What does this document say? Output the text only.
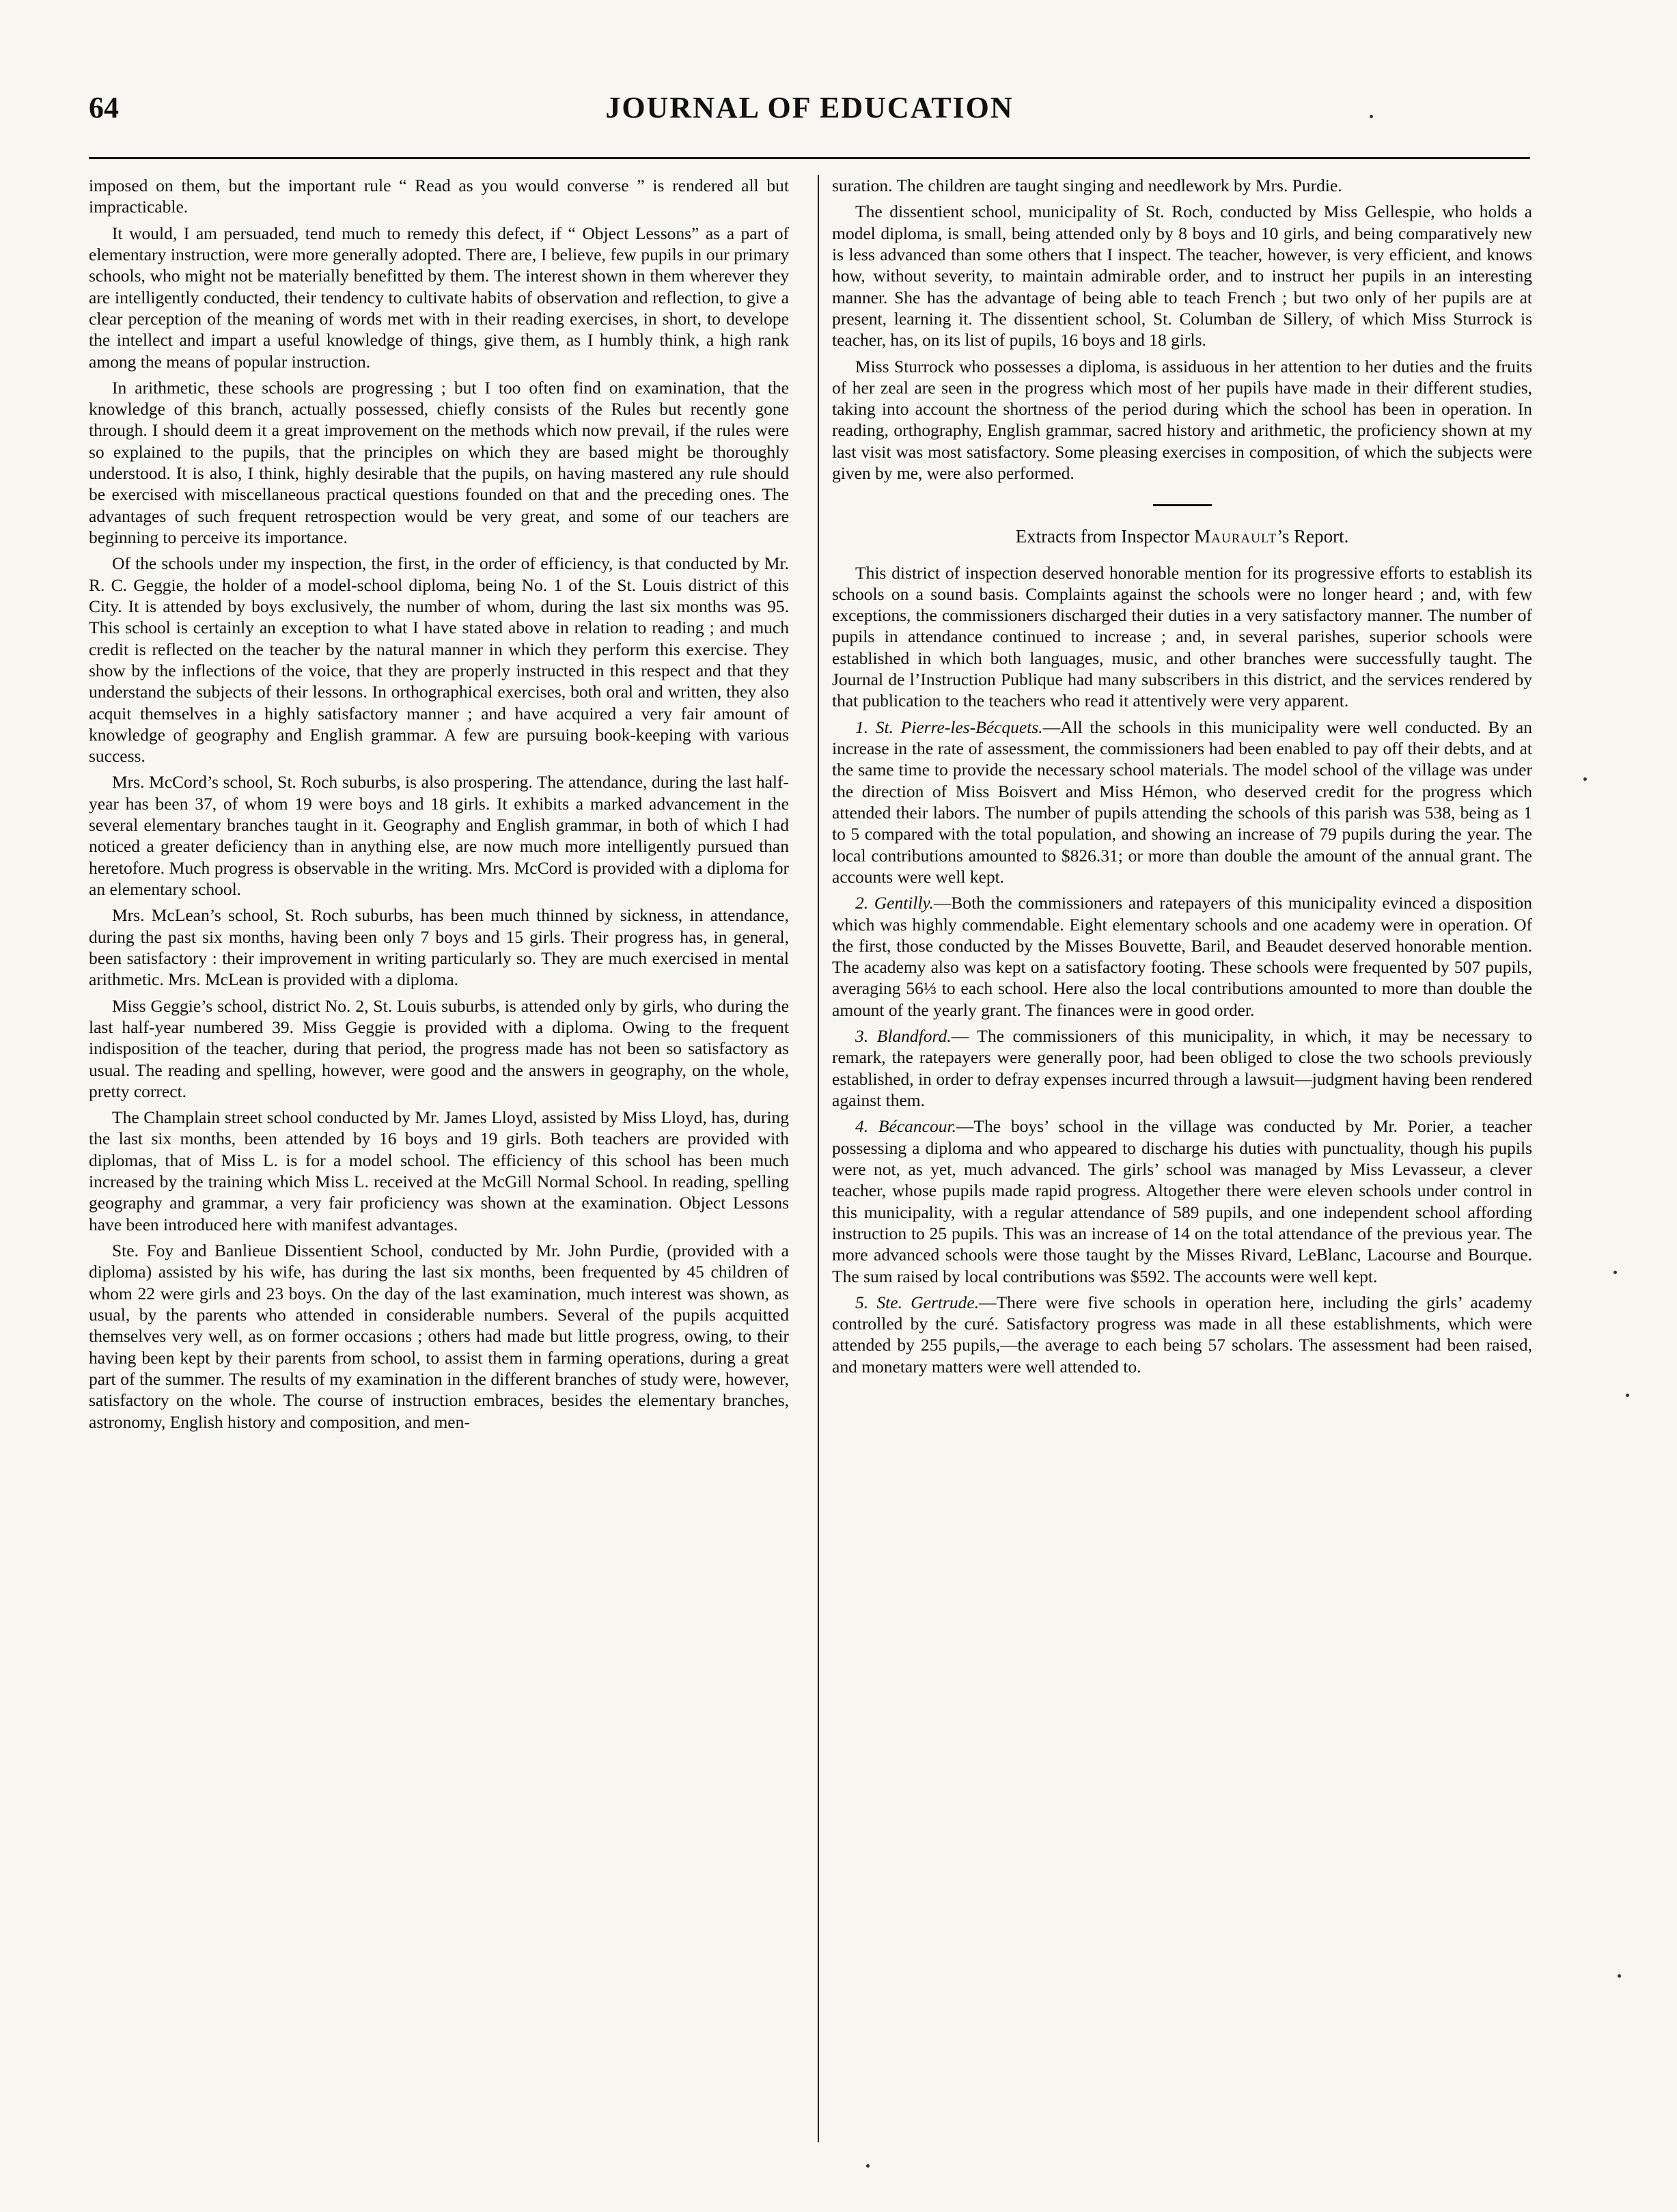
64	JOURNAL OF EDUCATION

imposed on them, but the important rule “ Read as you would converse ” is rendered all but impracticable.

It would, I am persuaded, tend much to remedy this defect, if “ Object Lessons” as a part of elementary instruction, were more generally adopted. There are, I believe, few pupils in our primary schools, who might not be materially benefitted by them. The interest shown in them wherever they are intelligently conducted, their tendency to cultivate habits of observation and reflection, to give a clear perception of the meaning of words met with in their reading exercises, in short, to develope the intellect and impart a useful knowledge of things, give them, as I humbly think, a high rank among the means of popular instruction.

In arithmetic, these schools are progressing ; but I too often find on examination, that the knowledge of this branch, actually possessed, chiefly consists of the Rules but recently gone through. I should deem it a great improvement on the methods which now prevail, if the rules were so explained to the pupils, that the principles on which they are based might be thoroughly understood. It is also, I think, highly desirable that the pupils, on having mastered any rule should be exercised with miscellaneous practical questions founded on that and the preceding ones. The advantages of such frequent retrospection would be very great, and some of our teachers are beginning to perceive its importance.

Of the schools under my inspection, the first, in the order of efficiency, is that conducted by Mr. R. C. Geggie, the holder of a model-school diploma, being No. 1 of the St. Louis district of this City. It is attended by boys exclusively, the number of whom, during the last six months was 95. This school is certainly an exception to what I have stated above in relation to reading ; and much credit is reflected on the teacher by the natural manner in which they perform this exercise. They show by the inflections of the voice, that they are properly instructed in this respect and that they understand the subjects of their lessons. In orthographical exercises, both oral and written, they also acquit themselves in a highly satisfactory manner ; and have acquired a very fair amount of knowledge of geography and English grammar. A few are pursuing book-keeping with various success.

Mrs. McCord’s school, St. Roch suburbs, is also prospering. The attendance, during the last half-year has been 37, of whom 19 were boys and 18 girls. It exhibits a marked advancement in the several elementary branches taught in it. Geography and English grammar, in both of which I had noticed a greater deficiency than in anything else, are now much more intelligently pursued than heretofore. Much progress is observable in the writing. Mrs. McCord is provided with a diploma for an elementary school.

Mrs. McLean’s school, St. Roch suburbs, has been much thinned by sickness, in attendance, during the past six months, having been only 7 boys and 15 girls. Their progress has, in general, been satisfactory : their improvement in writing particularly so. They are much exercised in mental arithmetic. Mrs. McLean is provided with a diploma.

Miss Geggie’s school, district No. 2, St. Louis suburbs, is attended only by girls, who during the last half-year numbered 39. Miss Geggie is provided with a diploma. Owing to the frequent indisposition of the teacher, during that period, the progress made has not been so satisfactory as usual. The reading and spelling, however, were good and the answers in geography, on the whole, pretty correct.

The Champlain street school conducted by Mr. James Lloyd, assisted by Miss Lloyd, has, during the last six months, been attended by 16 boys and 19 girls. Both teachers are provided with diplomas, that of Miss L. is for a model school. The efficiency of this school has been much increased by the training which Miss L. received at the McGill Normal School. In reading, spelling geography and grammar, a very fair proficiency was shown at the examination. Object Lessons have been introduced here with manifest advantages.

Ste. Foy and Banlieue Dissentient School, conducted by Mr. John Purdie, (provided with a diploma) assisted by his wife, has during the last six months, been frequented by 45 children of whom 22 were girls and 23 boys. On the day of the last examination, much interest was shown, as usual, by the parents who attended in considerable numbers. Several of the pupils acquitted themselves very well, as on former occasions ; others had made but little progress, owing, to their having been kept by their parents from school, to assist them in farming operations, during a great part of the summer. The results of my examination in the different branches of study were, however, satisfactory on the whole. The course of instruction embraces, besides the elementary branches, astronomy, English history and composition, and men-

suration. The children are taught singing and needlework by Mrs. Purdie.

The dissentient school, municipality of St. Roch, conducted by Miss Gellespie, who holds a model diploma, is small, being attended only by 8 boys and 10 girls, and being comparatively new is less advanced than some others that I inspect. The teacher, however, is very efficient, and knows how, without severity, to maintain admirable order, and to instruct her pupils in an interesting manner. She has the advantage of being able to teach French ; but two only of her pupils are at present, learning it. The dissentient school, St. Columban de Sillery, of which Miss Sturrock is teacher, has, on its list of pupils, 16 boys and 18 girls.

Miss Sturrock who possesses a diploma, is assiduous in her attention to her duties and the fruits of her zeal are seen in the progress which most of her pupils have made in their different studies, taking into account the shortness of the period during which the school has been in operation. In reading, orthography, English grammar, sacred history and arithmetic, the proficiency shown at my last visit was most satisfactory. Some pleasing exercises in composition, of which the subjects were given by me, were also performed.

Extracts from Inspector Maurault’s Report.

This district of inspection deserved honorable mention for its progressive efforts to establish its schools on a sound basis. Complaints against the schools were no longer heard ; and, with few exceptions, the commissioners discharged their duties in a very satisfactory manner. The number of pupils in attendance continued to increase ; and, in several parishes, superior schools were established in which both languages, music, and other branches were successfully taught. The Journal de l’Instruction Publique had many subscribers in this district, and the services rendered by that publication to the teachers who read it attentively were very apparent.

1. St. Pierre-les-Bécquets.—All the schools in this municipality were well conducted. By an increase in the rate of assessment, the commissioners had been enabled to pay off their debts, and at the same time to provide the necessary school materials. The model school of the village was under the direction of Miss Boisvert and Miss Hémon, who deserved credit for the progress which attended their labors. The number of pupils attending the schools of this parish was 538, being as 1 to 5 compared with the total population, and showing an increase of 79 pupils during the year. The local contributions amounted to $826.31; or more than double the amount of the annual grant. The accounts were well kept.

2. Gentilly.—Both the commissioners and ratepayers of this municipality evinced a disposition which was highly commendable. Eight elementary schools and one academy were in operation. Of the first, those conducted by the Misses Bouvette, Baril, and Beaudet deserved honorable mention. The academy also was kept on a satisfactory footing. These schools were frequented by 507 pupils, averaging 56⅓ to each school. Here also the local contributions amounted to more than double the amount of the yearly grant. The finances were in good order.

3. Blandford.— The commissioners of this municipality, in which, it may be necessary to remark, the ratepayers were generally poor, had been obliged to close the two schools previously established, in order to defray expenses incurred through a lawsuit—judgment having been rendered against them.

4. Bécancour.—The boys’ school in the village was conducted by Mr. Porier, a teacher possessing a diploma and who appeared to discharge his duties with punctuality, though his pupils were not, as yet, much advanced. The girls’ school was managed by Miss Levasseur, a clever teacher, whose pupils made rapid progress. Altogether there were eleven schools under control in this municipality, with a regular attendance of 589 pupils, and one independent school affording instruction to 25 pupils. This was an increase of 14 on the total attendance of the previous year. The more advanced schools were those taught by the Misses Rivard, LeBlanc, Lacourse and Bourque. The sum raised by local contributions was $592. The accounts were well kept.

5. Ste. Gertrude.—There were five schools in operation here, including the girls’ academy controlled by the curé. Satisfactory progress was made in all these establishments, which were attended by 255 pupils,—the average to each being 57 scholars. The assessment had been raised, and monetary matters were well attended to.
